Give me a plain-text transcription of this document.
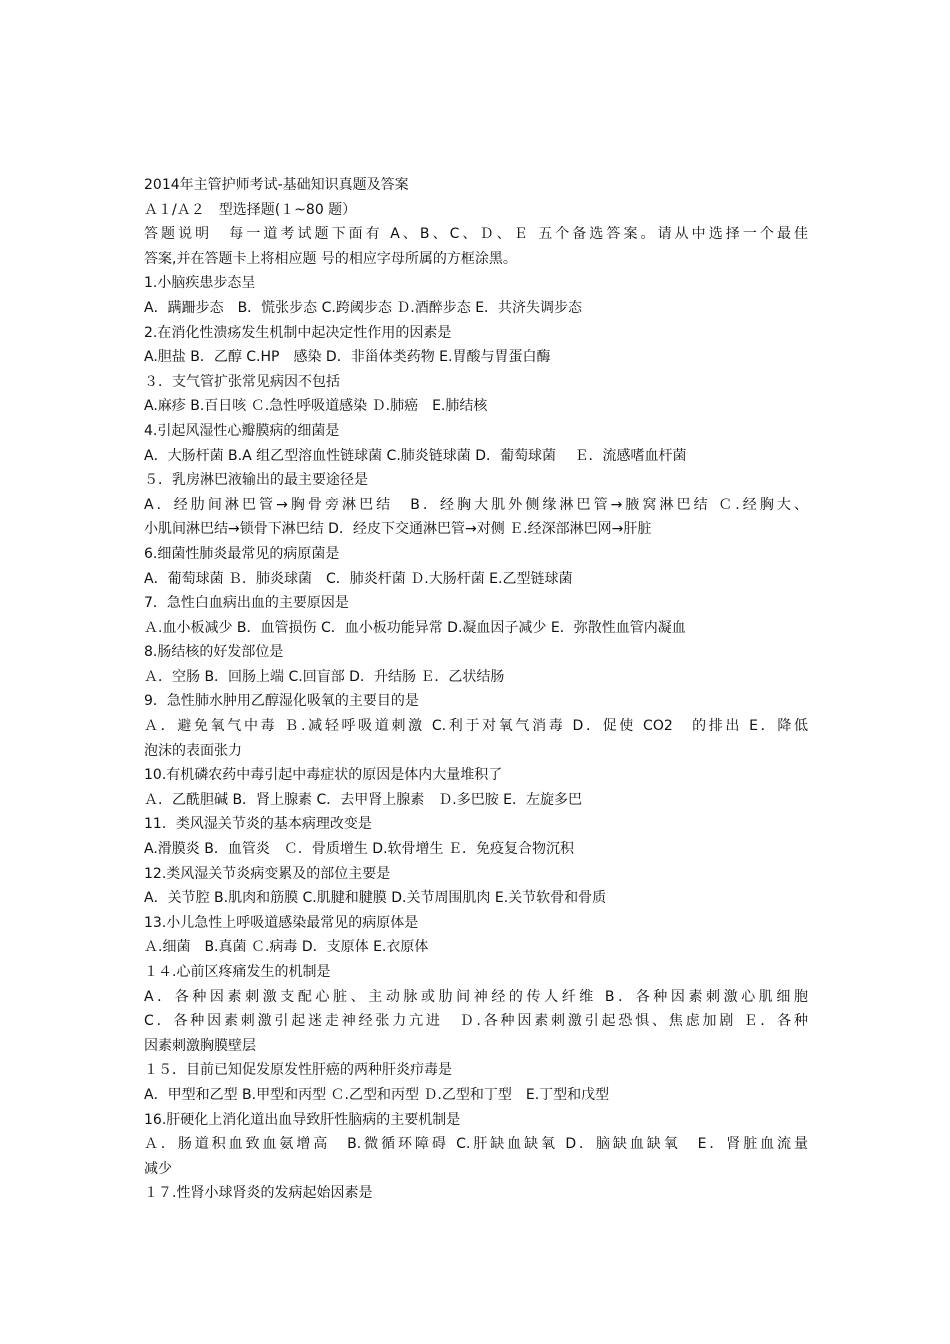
2014年主管护师考试-基础知识真题及答案
Ａ１/Ａ２　型选择题(１~80 题）
答题说明　每一道考试题下面有 A、B、C、Ｄ、Ｅ 五个备选答案。请从中选择一个最佳
答案,并在答题卡上将相应题 号的相应字母所属的方框涂黑。
1.小脑疾患步态呈
A．蹒跚步态　B．慌张步态 C.跨阈步态 Ｄ.酒醉步态 E．共济失调步态
2.在消化性溃疡发生机制中起决定性作用的因素是
A.胆盐 B．乙醇 C.HP　感染 D．非甾体类药物 E.胃酸与胃蛋白酶
３．支气管扩张常见病因不包括
A.麻疹 B.百日咳 Ｃ.急性呼吸道感染 Ｄ.肺癌　E.肺结核
4.引起风湿性心瓣膜病的细菌是
A．大肠杆菌 B.A 组乙型溶血性链球菌 C.肺炎链球菌 D．葡萄球菌　 Ｅ．流感嗜血杆菌
５．乳房淋巴液输出的最主要途径是
A．经肋间淋巴管→胸骨旁淋巴结　B．经胸大肌外侧缘淋巴管→腋窝淋巴结 Ｃ.经胸大、
小肌间淋巴结→锁骨下淋巴结 D．经皮下交通淋巴管→对侧 Ｅ.经深部淋巴网→肝脏
6.细菌性肺炎最常见的病原菌是
A．葡萄球菌 Ｂ．肺炎球菌　C．肺炎杆菌 Ｄ.大肠杆菌 E.乙型链球菌
7．急性白血病出血的主要原因是
Ａ.血小板减少 B．血管损伤 C．血小板功能异常 D.凝血因子减少 E．弥散性血管内凝血
8.肠结核的好发部位是
Ａ．空肠 B．回肠上端 C.回盲部 D．升结肠 Ｅ．乙状结肠
9．急性肺水肿用乙醇湿化吸氧的主要目的是
Ａ．避免氧气中毒 Ｂ.减轻呼吸道刺激 C.利于对氧气消毒 D．促使 CO2　的排出 E．降低
泡沫的表面张力
10.有机磷农药中毒引起中毒症状的原因是体内大量堆积了
Ａ．乙酰胆碱 B．肾上腺素 C．去甲肾上腺素　Ｄ.多巴胺 E．左旋多巴
11．类风湿关节炎的基本病理改变是
A.滑膜炎 B．血管炎　Ｃ．骨质增生 D.软骨增生 Ｅ．免疫复合物沉积
12.类风湿关节炎病变累及的部位主要是
A．关节腔 B.肌肉和筋膜 C.肌腱和腱膜 D.关节周围肌肉 E.关节软骨和骨质
13.小儿急性上呼吸道感染最常见的病原体是
Ａ.细菌　B.真菌 Ｃ.病毒 D．支原体 E.衣原体
１４.心前区疼痛发生的机制是
A．各种因素刺激支配心脏、主动脉或肋间神经的传人纤维 B．各种因素刺激心肌细胞
C．各种因素刺激引起迷走神经张力亢进　Ｄ.各种因素刺激引起恐惧、焦虑加剧 Ｅ．各种
因素刺激胸膜壁层
１５．目前已知促发原发性肝癌的两种肝炎疖毒是
A．甲型和乙型 B.甲型和丙型 Ｃ.乙型和丙型 Ｄ.乙型和丁型　E.丁型和戊型
16.肝硬化上消化道出血导致肝性脑病的主要机制是
Ａ．肠道积血致血氨增高　B.微循环障碍 C.肝缺血缺氧 D．脑缺血缺氧　E．肾脏血流量
减少
１７.性肾小球肾炎的发病起始因素是
